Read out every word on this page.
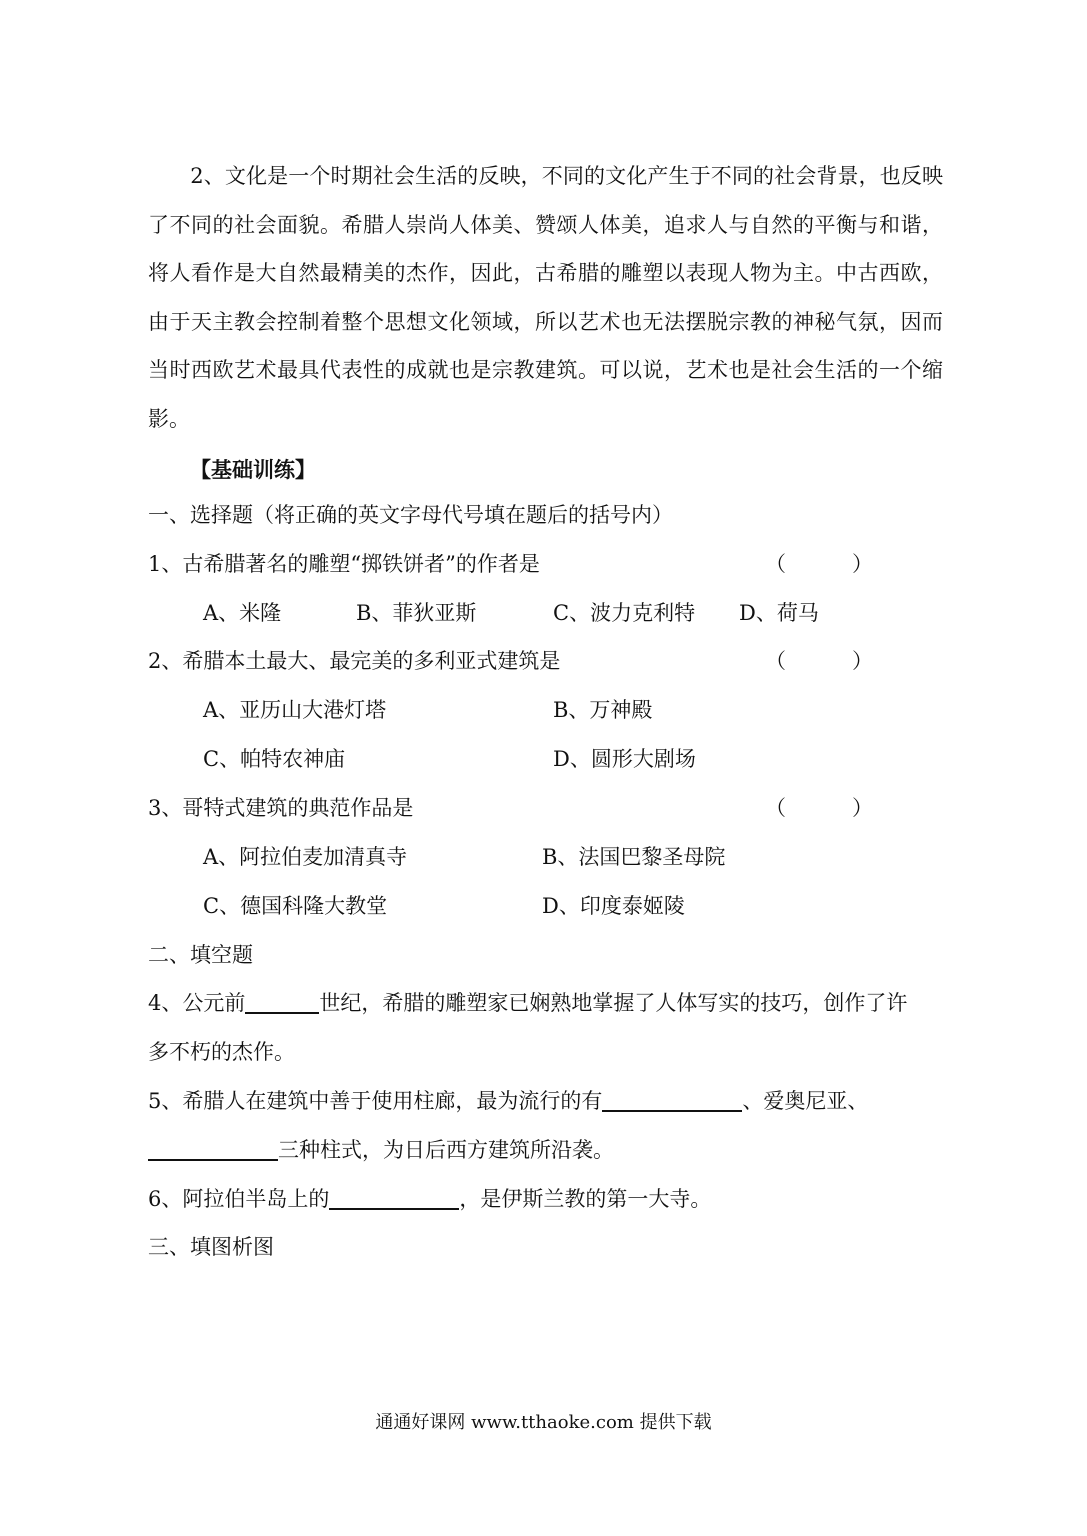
　　2、文化是一个时期社会生活的反映，不同的文化产生于不同的社会背景，也反映了不同的社会面貌。希腊人崇尚人体美、赞颂人体美，追求人与自然的平衡与和谐，将人看作是大自然最精美的杰作，因此，古希腊的雕塑以表现人物为主。中古西欧，由于天主教会控制着整个思想文化领域，所以艺术也无法摆脱宗教的神秘气氛，因而当时西欧艺术最具代表性的成就也是宗教建筑。可以说，艺术也是社会生活的一个缩影。
【基础训练】
一、选择题（将正确的英文字母代号填在题后的括号内）
1、古希腊著名的雕塑“掷铁饼者”的作者是	（	）
A、米隆	B、菲狄亚斯	C、波力克利特 D、荷马
2、希腊本土最大、最完美的多利亚式建筑是	（	）
A、亚历山大港灯塔	B、万神殿
C、帕特农神庙	D、圆形大剧场
3、哥特式建筑的典范作品是	（	）
A、阿拉伯麦加清真寺	B、法国巴黎圣母院
C、德国科隆大教堂	D、印度泰姬陵
二、填空题
4、公元前	世纪，希腊的雕塑家已娴熟地掌握了人体写实的技巧，创作了许
多不朽的杰作。
5、希腊人在建筑中善于使用柱廊，最为流行的有	、爱奥尼亚、
三种柱式，为日后西方建筑所沿袭。
6、阿拉伯半岛上的	，是伊斯兰教的第一大寺。
三、填图析图
通通好课网 www.tthaoke.com 提供下载
